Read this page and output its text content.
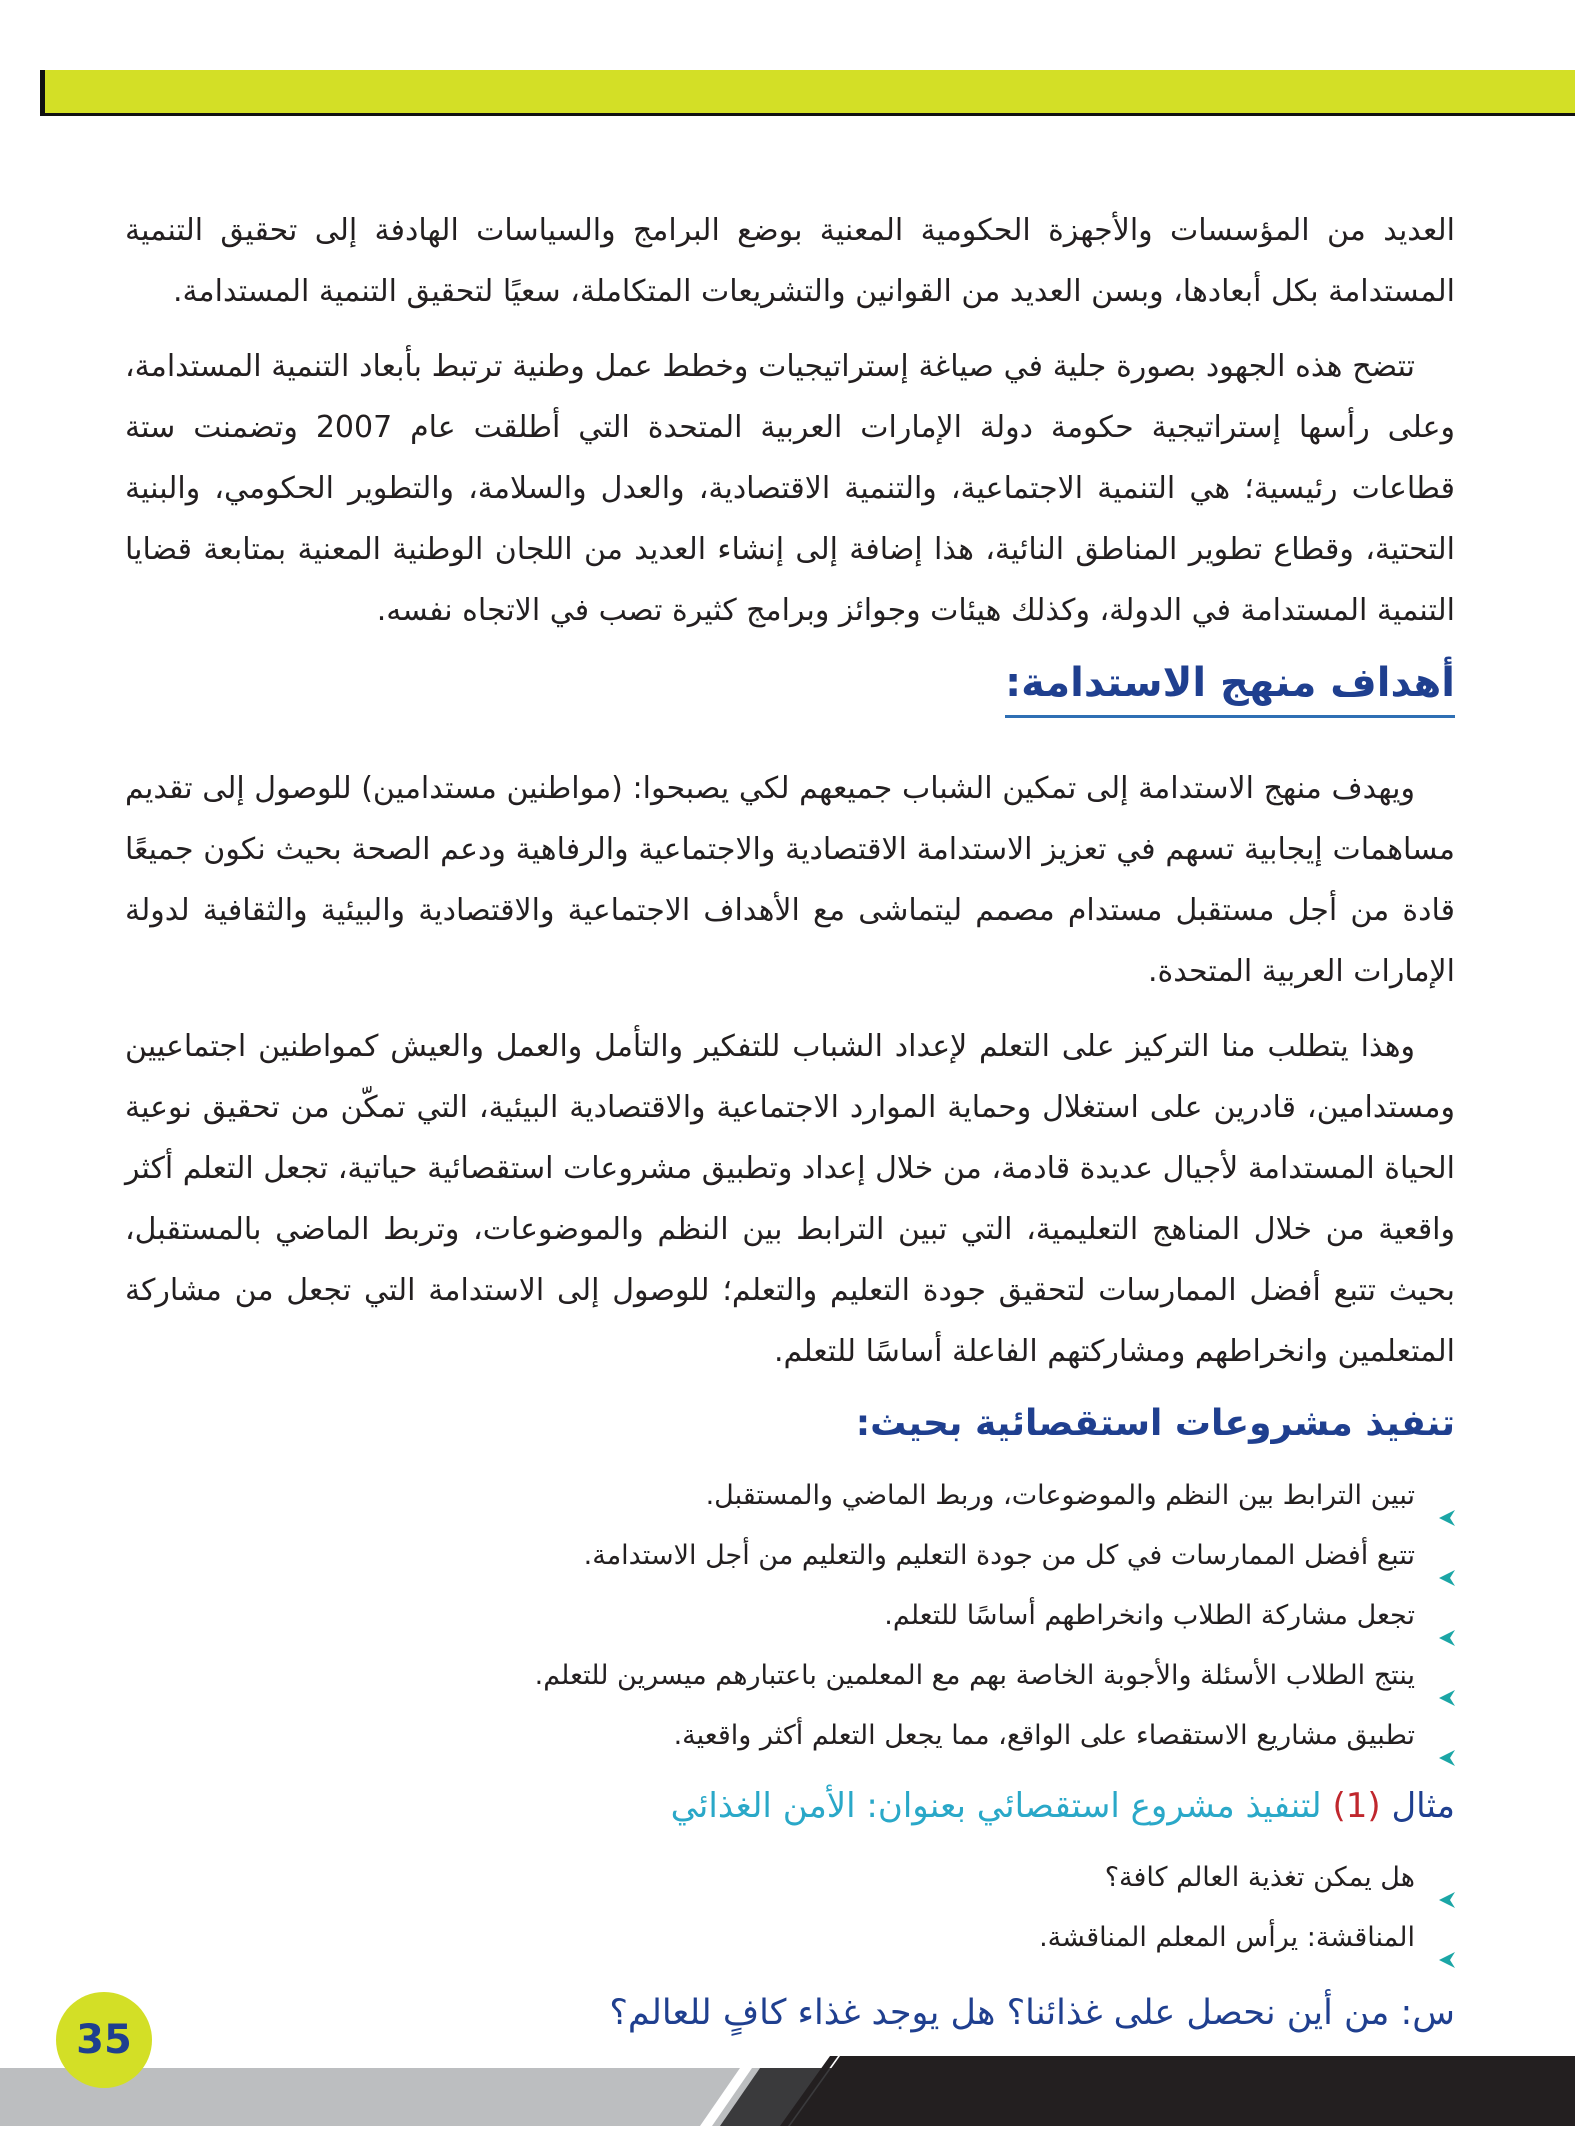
العديد من المؤسسات والأجهزة الحكومية المعنية بوضع البرامج والسياسات الهادفة إلى تحقيق التنمية المستدامة بكل أبعادها، وبسن العديد من القوانين والتشريعات المتكاملة، سعيًا لتحقيق التنمية المستدامة.

تتضح هذه الجهود بصورة جلية في صياغة إستراتيجيات وخطط عمل وطنية ترتبط بأبعاد التنمية المستدامة، وعلى رأسها إستراتيجية حكومة دولة الإمارات العربية المتحدة التي أطلقت عام 2007 وتضمنت ستة قطاعات رئيسية؛ هي التنمية الاجتماعية، والتنمية الاقتصادية، والعدل والسلامة، والتطوير الحكومي، والبنية التحتية، وقطاع تطوير المناطق النائية، هذا إضافة إلى إنشاء العديد من اللجان الوطنية المعنية بمتابعة قضايا التنمية المستدامة في الدولة، وكذلك هيئات وجوائز وبرامج كثيرة تصب في الاتجاه نفسه.

أهداف منهج الاستدامة:

ويهدف منهج الاستدامة إلى تمكين الشباب جميعهم لكي يصبحوا: (مواطنين مستدامين) للوصول إلى تقديم مساهمات إيجابية تسهم في تعزيز الاستدامة الاقتصادية والاجتماعية والرفاهية ودعم الصحة بحيث نكون جميعًا قادة من أجل مستقبل مستدام مصمم ليتماشى مع الأهداف الاجتماعية والاقتصادية والبيئية والثقافية لدولة الإمارات العربية المتحدة.

وهذا يتطلب منا التركيز على التعلم لإعداد الشباب للتفكير والتأمل والعمل والعيش كمواطنين اجتماعيين ومستدامين، قادرين على استغلال وحماية الموارد الاجتماعية والاقتصادية البيئية، التي تمكّن من تحقيق نوعية الحياة المستدامة لأجيال عديدة قادمة، من خلال إعداد وتطبيق مشروعات استقصائية حياتية، تجعل التعلم أكثر واقعية من خلال المناهج التعليمية، التي تبين الترابط بين النظم والموضوعات، وتربط الماضي بالمستقبل، بحيث تتبع أفضل الممارسات لتحقيق جودة التعليم والتعلم؛ للوصول إلى الاستدامة التي تجعل من مشاركة المتعلمين وانخراطهم ومشاركتهم الفاعلة أساسًا للتعلم.

تنفيذ مشروعات استقصائية بحيث:
تبين الترابط بين النظم والموضوعات، وربط الماضي والمستقبل.
تتبع أفضل الممارسات في كل من جودة التعليم والتعليم من أجل الاستدامة.
تجعل مشاركة الطلاب وانخراطهم أساسًا للتعلم.
ينتج الطلاب الأسئلة والأجوبة الخاصة بهم مع المعلمين باعتبارهم ميسرين للتعلم.
تطبيق مشاريع الاستقصاء على الواقع، مما يجعل التعلم أكثر واقعية.
مثال (1) لتنفيذ مشروع استقصائي بعنوان: الأمن الغذائي
هل يمكن تغذية العالم كافة؟
المناقشة: يرأس المعلم المناقشة.
س: من أين نحصل على غذائنا؟ هل يوجد غذاء كافٍ للعالم؟
35
